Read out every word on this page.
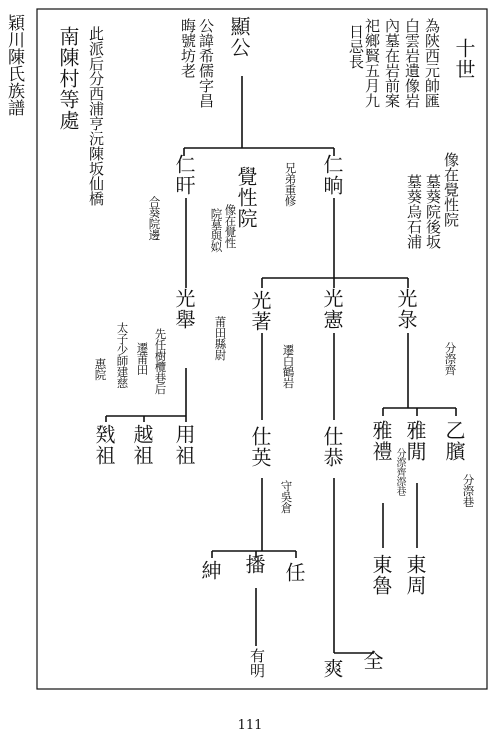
穎川陳氏族譜	此派后分西浦亨沅陳坂仙橋
南陳村等處	十世
為陝西元帥匯
白雲岩遺像岩
內墓在岩前案
祀鄉賢五月九
日忌長
公諱希儒字昌
晦號坊老 顯公
仁晌	像在覺性院
墓葵院後坂
墓葵烏石浦
兄弟重修
覺性院
仁旰
像在覺性
院墓與姒
合葵院邊
光彔
分漈齊
光憲
光著
遷白鶴岩
光舉
莆田縣尉
先任樹欖巷后
遷莆田
太子少師建慈
惠院
乙臏
分漈巷
雅閒
雅禮
分漈齊漈巷
仕恭
仕英
守吳倉
用祖
越祖
戣祖
東周
東魯
任
播
紳
全
爽
有明
111
